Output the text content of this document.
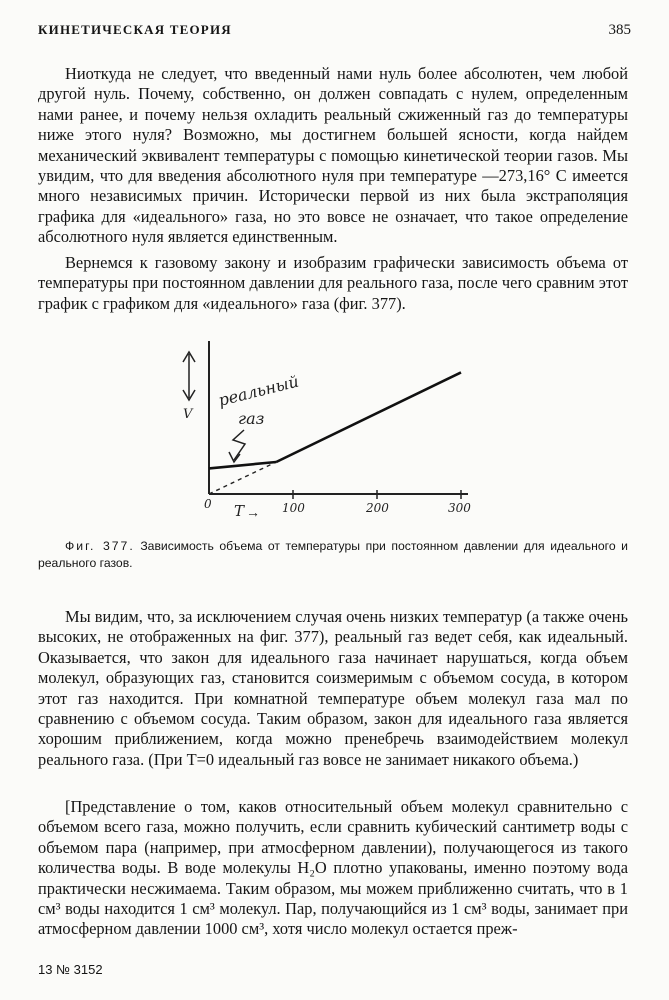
КИНЕТИЧЕСКАЯ ТЕОРИЯ	385

Ниоткуда не следует, что введенный нами нуль более абсолютен, чем любой другой нуль. Почему, собственно, он должен совпадать с нулем, определенным нами ранее, и почему нельзя охладить реальный сжиженный газ до температуры ниже этого нуля? Возможно, мы достигнем большей ясности, когда найдем механический эквивалент температуры с помощью кинетической теории газов. Мы увидим, что для введения абсолютного нуля при температуре —273,16° С имеется много независимых причин. Исторически первой из них была экстраполяция графика для «идеального» газа, но это вовсе не означает, что такое определение абсолютного нуля является единственным.

Вернемся к газовому закону и изобразим графически зависимость объема от температуры при постоянном давлении для реального газа, после чего сравним этот график с графиком для «идеального» газа (фиг. 377).

V
реальный
газ
0 T → 100	200	300

Фиг. 377. Зависимость объема от температуры при постоянном давлении для идеального и реального газов.

Мы видим, что, за исключением случая очень низких температур (а также очень высоких, не отображенных на фиг. 377), реальный газ ведет себя, как идеальный. Оказывается, что закон для идеального газа начинает нарушаться, когда объем молекул, образующих газ, становится соизмеримым с объемом сосуда, в котором этот газ находится. При комнатной температуре объем молекул газа мал по сравнению с объемом сосуда. Таким образом, закон для идеального газа является хорошим приближением, когда можно пренебречь взаимодействием молекул реального газа. (При T=0 идеальный газ вовсе не занимает никакого объема.)

[Представление о том, каков относительный объем молекул сравнительно с объемом всего газа, можно получить, если сравнить кубический сантиметр воды с объемом пара (например, при атмосферном давлении), получающегося из такого количества воды. В воде молекулы H₂O плотно упакованы, именно поэтому вода практически несжимаема. Таким образом, мы можем приближенно считать, что в 1 см³ воды находится 1 см³ молекул. Пар, получающийся из 1 см³ воды, занимает при атмосферном давлении 1000 см³, хотя число молекул остается преж-

13 № 3152
